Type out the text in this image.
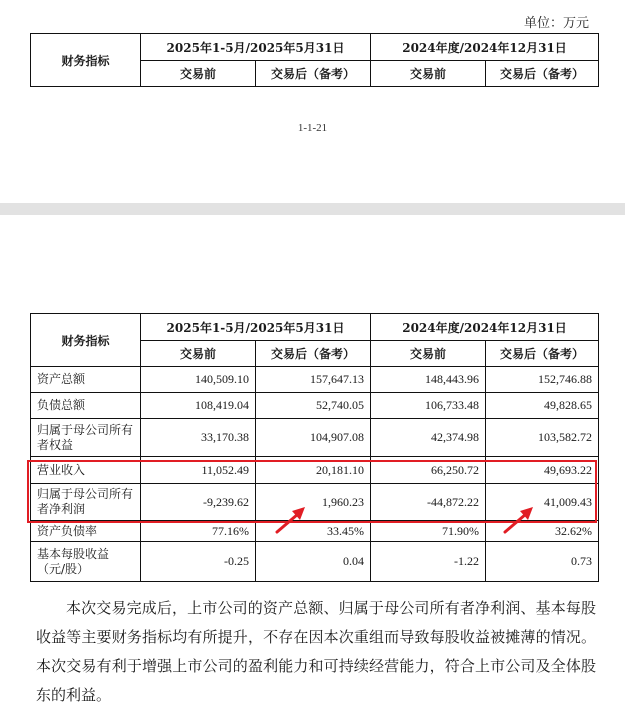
单位：万元
财务指标	2025年1-5月/2025年5月31日		2024年度/2024年12月31日	
	交易前	交易后（备考）	交易前	交易后（备考）
1-1-21
财务指标	2025年1-5月/2025年5月31日		2024年度/2024年12月31日	
	交易前	交易后（备考）	交易前	交易后（备考）
资产总额	140,509.10	157,647.13	148,443.96	152,746.88
负债总额	108,419.04	52,740.05	106,733.48	49,828.65
归属于母公司所有者权益	33,170.38	104,907.08	42,374.98	103,582.72
营业收入	11,052.49	20,181.10	66,250.72	49,693.22
归属于母公司所有者净利润	-9,239.62	1,960.23	-44,872.22	41,009.43
资产负债率	77.16%	33.45%	71.90%	32.62%
基本每股收益（元/股）	-0.25	0.04	-1.22	0.73

本次交易完成后，上市公司的资产总额、归属于母公司所有者净利润、基本每股收益等主要财务指标均有所提升，不存在因本次重组而导致每股收益被摊薄的情况。本次交易有利于增强上市公司的盈利能力和可持续经营能力，符合上市公司及全体股东的利益。
